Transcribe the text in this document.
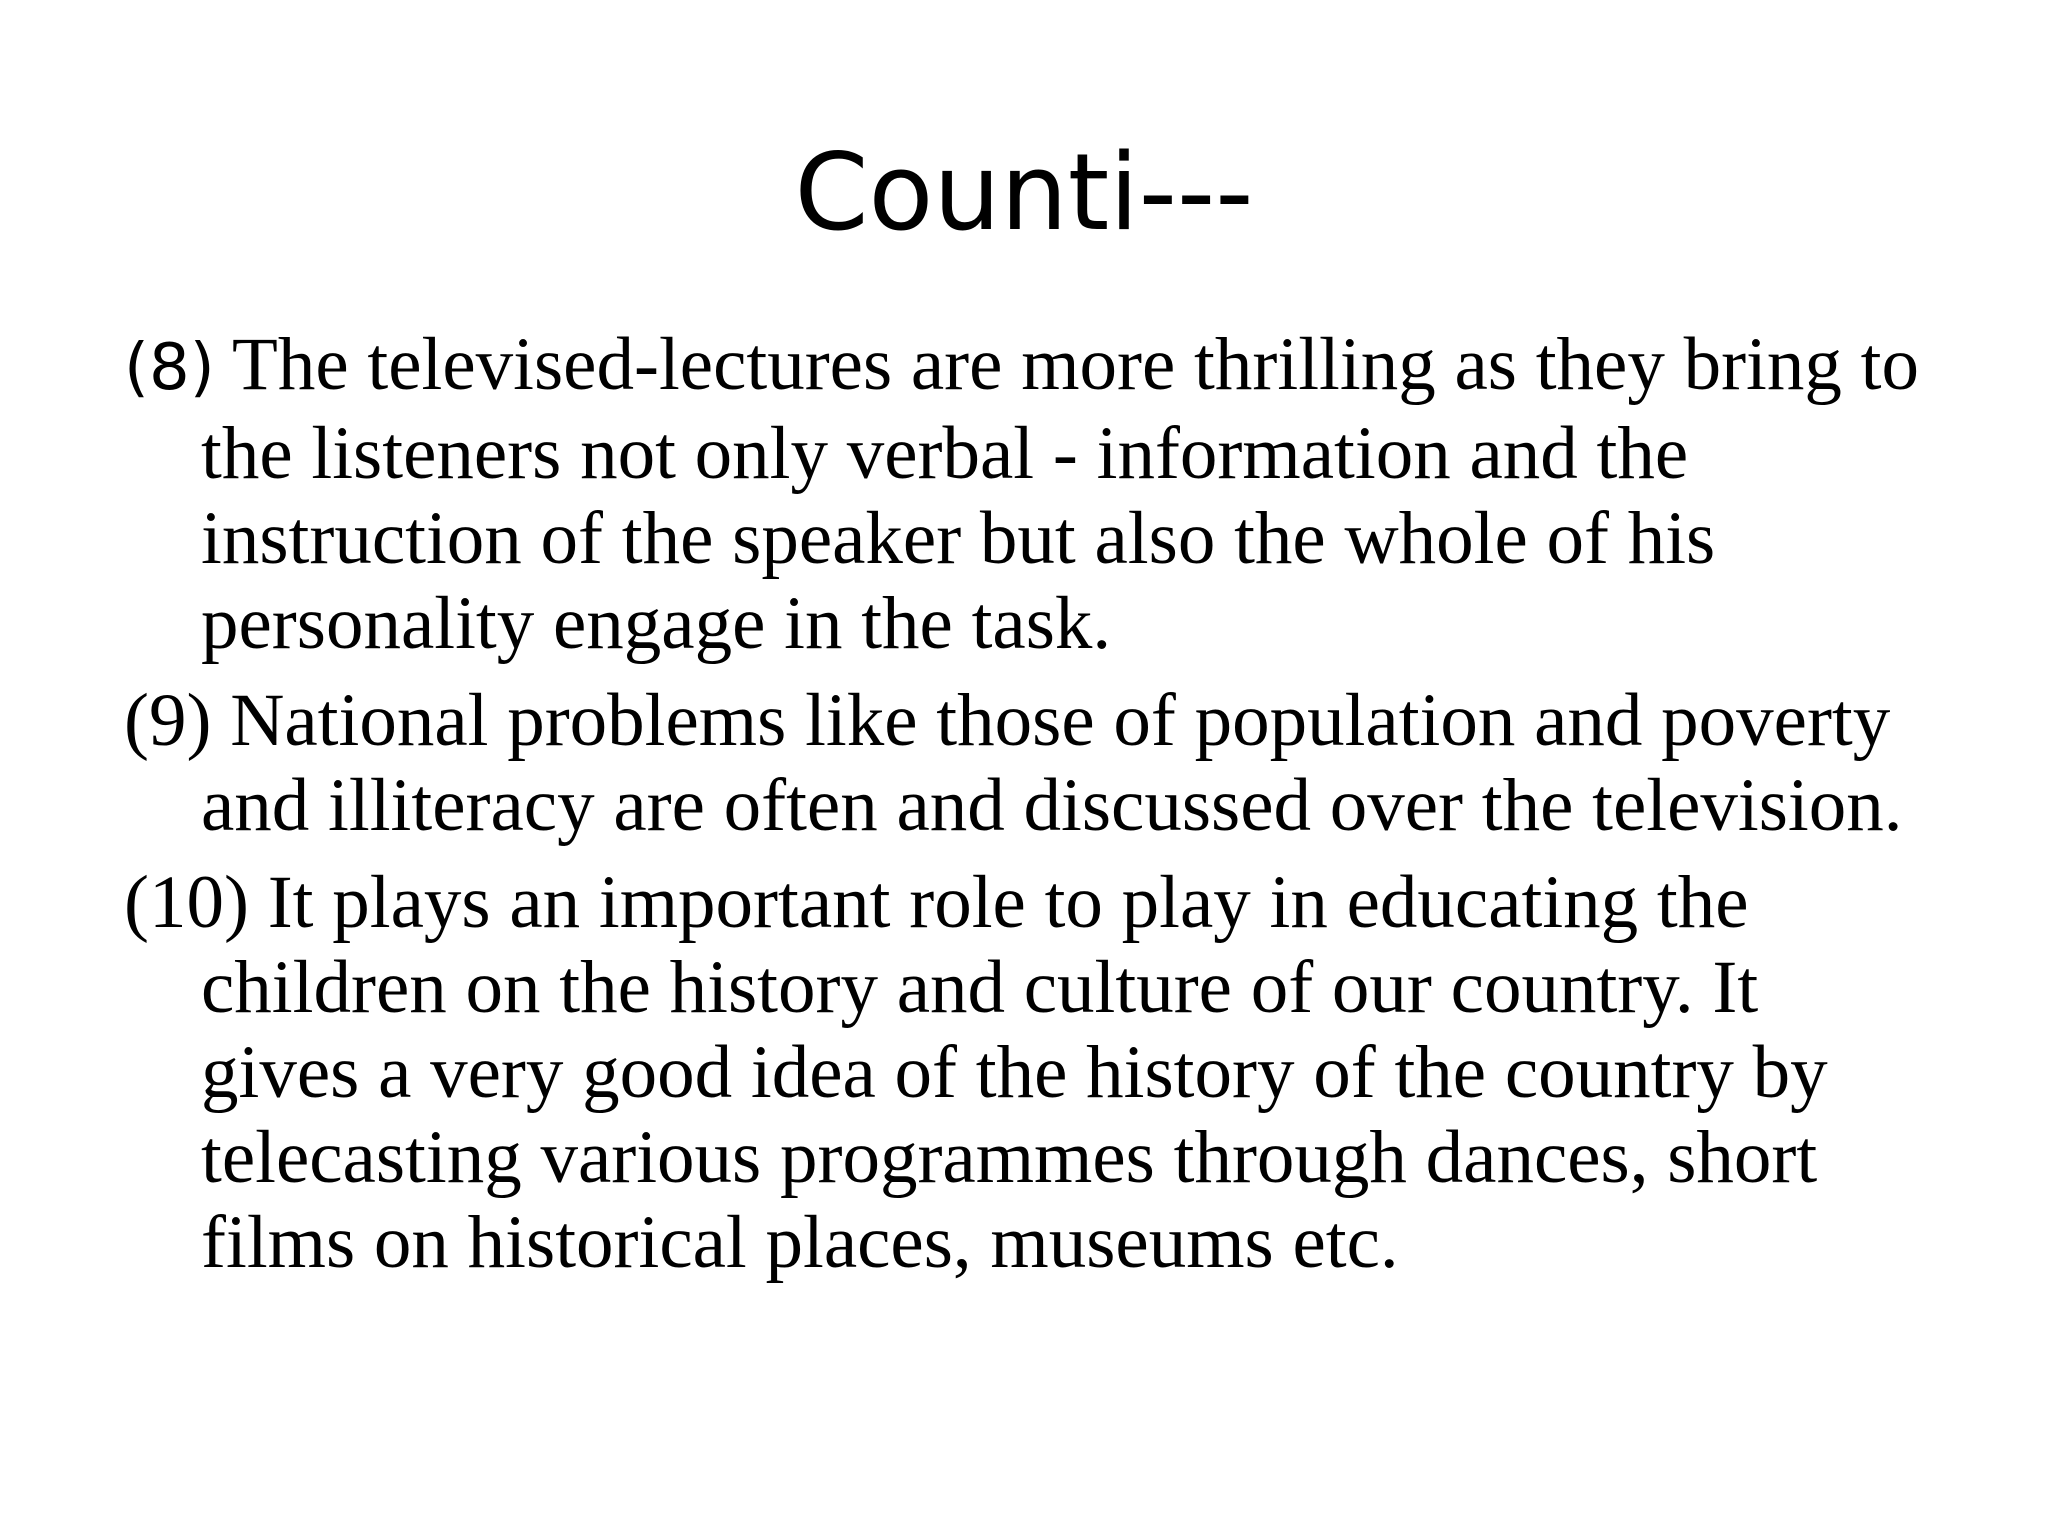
Counti---

(8) The televised-lectures are more thrilling as they bring to
the listeners not only verbal - information and the
instruction of the speaker but also the whole of his
personality engage in the task.

(9) National problems like those of population and poverty
and illiteracy are often and discussed over the television.

(10) It plays an important role to play in educating the
children on the history and culture of our country. It
gives a very good idea of the history of the country by
telecasting various programmes through dances, short
films on historical places, museums etc.
